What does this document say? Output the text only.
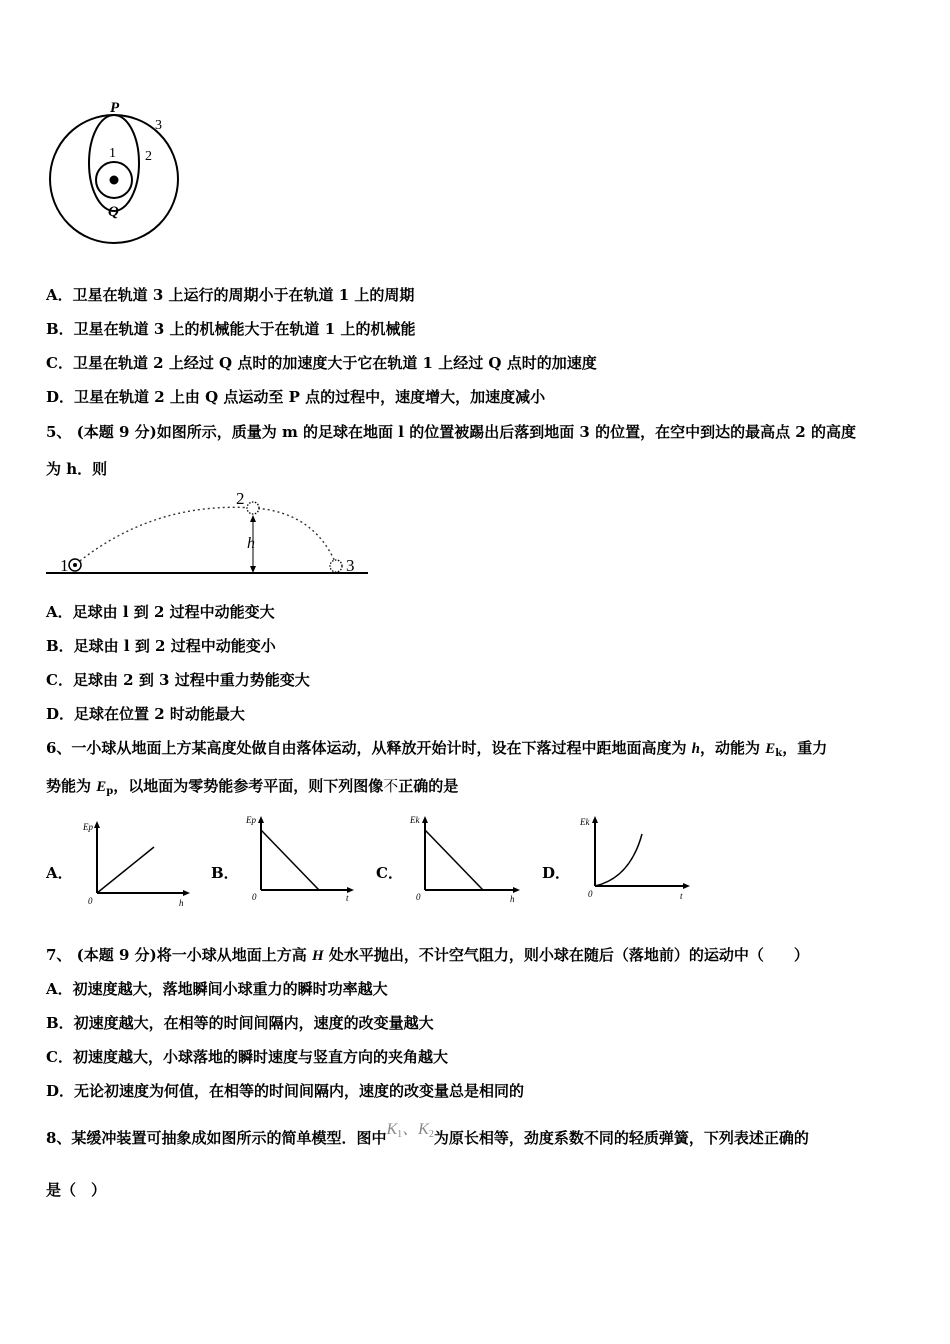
P
3
1 2
Q
A．卫星在轨道 3 上运行的周期小于在轨道 1 上的周期
B．卫星在轨道 3 上的机械能大于在轨道 1 上的机械能
C．卫星在轨道 2 上经过 Q 点时的加速度大于它在轨道 1 上经过 Q 点时的加速度
D．卫星在轨道 2 上由 Q 点运动至 P 点的过程中，速度增大，加速度减小
5、 (本题 9 分)如图所示，质量为 m 的足球在地面 l 的位置被踢出后落到地面 3 的位置，在空中到达的最高点 2 的高度
为 h．则
1
2
h
3
A．足球由 l 到 2 过程中动能变大
B．足球由 l 到 2 过程中动能变小
C．足球由 2 到 3 过程中重力势能变大
D．足球在位置 2 时动能最大
6、一小球从地面上方某高度处做自由落体运动，从释放开始计时，设在下落过程中距地面高度为 h，动能为 $E_k$，重力
势能为 $E_p$，以地面为零势能参考平面，则下列图像不正确的是
A．
Ep
0	h
B．
Ep
0	t
C．
Ek
0	h
D．
Ek
0	t
7、 (本题 9 分)将一小球从地面上方高 H 处水平抛出，不计空气阻力，则小球在随后（落地前）的运动中（　　）
A．初速度越大，落地瞬间小球重力的瞬时功率越大
B．初速度越大，在相等的时间间隔内，速度的改变量越大
C．初速度越大，小球落地的瞬时速度与竖直方向的夹角越大
D．无论初速度为何值，在相等的时间间隔内，速度的改变量总是相同的
8、某缓冲装置可抽象成如图所示的简单模型．图中$K_1$、$K_2$为原长相等，劲度系数不同的轻质弹簧，下列表述正确的
是（　）
